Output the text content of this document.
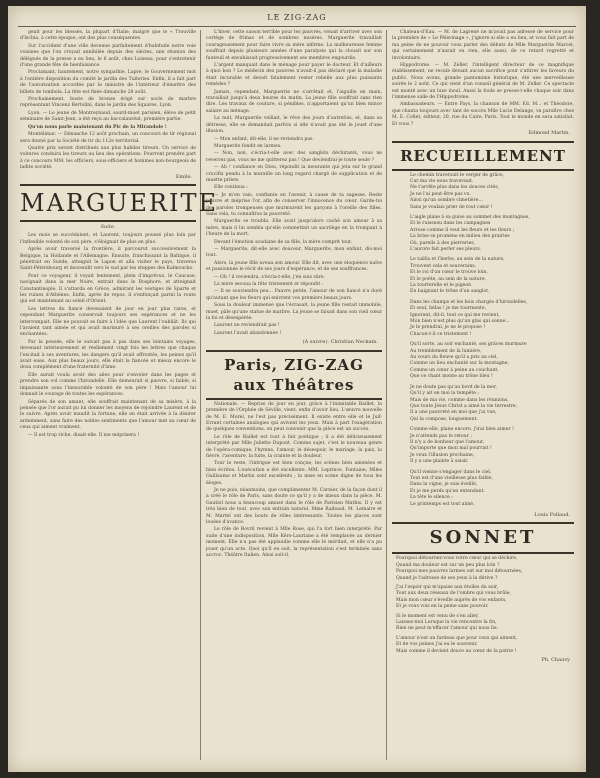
LE ZIG-ZAG

geait pour les blessés, la plupart d'Italie, malgré que le « Trouville d'Ischia, à cette époque, ont des plus conséquentes.

Sur l'accident d'une ville devenue parfaitement d'habitude notre voie voisines que l'on croyait annihilée depuis des siècles, une réunion des délégués de la presse a eu lieu, le 6 août, chez Loiseau, pour s'entretenir d'une grande fête de bienfaisance.

Proclamant, hautement, notre sympathie, Lapre, le Gouvernement mot à l'entière disposition du comité le jardin des Tuileries. Enfin, il a fait part de l'autorisation accordée par le ministre de l'intérieur d'émettre des billets de tombola. La tête est fixée dimanche 28 août.

Prochainement, buste de bronze érigé sur socle de marbre représentant Vincenz Bertolini, dans le jardin des Squares. Lyon.

Lyon. — Le jeune de Montreynaud, sourd-muet parisien, élève de petit séminaire de Saint-Jean, a été reçu au baccalauréat, première partie.

Qu'on nous parle maintenant du Pic de la Mirandole !

Montélimar. — Dimanche 12 août prochain, un concours de tir régional sera donné par la Société de tir du 112e territorial.

Quatre prix seront distribués aux plus habiles tireurs. Un service de voitures conduira les tireurs au lieu des opérations. Pourront prendre part à ce concours MM. les officiers, sous-officiers et hommes non-bourgeois de ladite société.

Emile.
MARGUERITE
Suite.

Les mois se succédaient, et Laurent, toujours poussé plus loin par l'inflexible volonté de son père, s'éloignait de plus en plus.

Après avoir traversé la frontière, il parcourut successivement la Belgique, la Hollande et l'Allemagne. Ensuite, franchissant la Baltique, il pénétrait en Suède, atteignit le Lapon et alla visiter le pays, traversa Saint-Pétersbourg et descendit vers le sud par les steppes des Kalmoucks.

Pour ce voyageur, il voyait lentement, plein d'imprévus, le Caucase, naviguait dans la mer Noire, entrait dans le Bosphore, et atteignait Constantinople. Il s'attarda en Grèce, admirant les vestiges de Sparte et les ruines d'Athènes. Enfin, après de repos, il s'enfonçait parmi la route qui est maintenant au soleil d'Orient.

Les lettres du fiancé devenaient de jour en jour plus rares, et cependant Marguerite conservait toujours ses espérances et ne les interrompait. Elle ne pouvait se faire à l'idée que Laurent l'oubliât. Ils qui l'avaient tant aimée et qui avait murmuré à ses oreilles des paroles si enchantées.

Par la pensée, elle le suivait pas à pas dans ses lointains voyages, devenant intérieurement et réellement vingt fois les lettres que chaque l'excitait à ses aventures, les dangers qu'il avait affrontés, les peines qu'il avait eues. Aux plus beaux jours, elle était la fiancée et mieux encore le doux complément d'une fraternité d'âme.

Elle aurait voulu avoir des ailes pour s'envoler dans les pages et prendre son vol comme l'hirondelle. Elle demeurait si pauvre, si faible, si impuissante sous l'inexorable volonté de son père ! Mais l'amour lui donnait le courage de toutes les espérances.

Séparés de son amant, elle souffrait maintenant de sa misère, à la pensée que l'or aurait pu lui donner les moyens de rejoindre Laurent et de le suivre. Après avoir maudit la fortune, elle en était arrivée à la désirer ardemment, sans faire des nobles sentiments que l'amour met au cœur de ceux qui aiment vraiment.

— Il est trop riche, disait-elle. Il me méprisera !

L'hiver, cette saison terrible pour les pauvres, venait d'arriver avec son cortège de frimas et de sombres misères. Marguerite travaillait courageusement pour faire vivre sa mère infirme. La malheureuse femme souffrait depuis plusieurs années d'une paralysie qui la clouait sur son fauteuil et envahissait progressivement ses membres engourdis.

L'argent manquait dans le ménage pour payer le docteur. Et d'ailleurs à quoi bon ? Le médecin des pauvres n'avait-il pas déclaré que la maladie était incurable et devait fatalement rester rebelle aux plus puissants remèdes ?

Jamais, cependant, Marguerite ne s'arrêtait et, l'aiguille en main, travaillait jusqu'à deux heures du matin. La jeune fille souffrait sans rien dire. Les travaux de couture, si pénibles, n'apportaient qu'un bien mince salaire au ménage.

La nuit, Marguerite veillait, le rêve des jours d'autrefois, et, dans sa détresse, elle se demandait parfois si elle n'avait pas été le jouet d'une illusion.

— Mon enfant, dit-elle, il ne reviendra pas.

Marguerite fondit en larmes.

— Non, non, s'écria-t-elle avec des sanglots déchirants, vous ne reverrez pas, vous ne me quitterez pas ! Que deviendrai-je toute seule ?

— Ah ! confiance en Dieu, répondit la mourante qui jeta sur le grand crucifix pendu à la muraille un long regard chargé de supplication et de muette prière.

Elle continua :

— Je m'en vais, confiante en l'avenir, à cause de ta sagesse. Reste pauvre et méprise l'or, afin de conserver l'innocence du cœur. Garde-toi des paroles trompeuses que murmurent les garçons à l'oreille des filles. Sans cela, tu connaîtras la pauvreté.

Marguerite se troubla. Elle avait jusqu'alors caché son amour à sa mère, mais il lui sembla qu'elle commettait un sacrilège en la trompant à l'heure de la mort.

Devant l'émotion soudaine de sa fille, la mère comprit tout.

— Marguerite, dit-elle avec douceur, Marguerite, mon enfant, dis-moi tout.

Alors, la jeune fille avoua son amour. Elle dit, avec une éloquence naïve et passionnée le récit de ses jours d'espérance, et de ses souffrances.

— Oh ! il reviendra, s'écria-t-elle, j'en suis sûre.

La mère secoua la tête tristement et répondit :

— Il se souviendra peu... Pauvre petite, l'amour de son fiancé n'a duré qu'autant que les fleurs qui enivrent vos premiers beaux jours.

Sous la douleur immense que l'écrasait, la jeune fille restait immobile, muet, pâle qu'une statue de marbre. La jeune se faisait dans son vieil cœur la foi et désespérée.

Laurent ne reviendrait pas !

Laurent l'avait abandonnée !

(A suivre). Christian Neckam.
Paris, ZIG-ZAG aux Théâtres

Nationale. — Reprise de jour en jour, grâce à l'inimitable Baillet, la première de l'Orphée de Séville, vient, enfin d'avoir lieu. L'œuvre nouvelle de M. E. Morel, ne l'est pas précisément. Il existe entre elle et le Juif-Errant certaines analogies qui avivent les yeux. Mais à part l'exagération de quelques conventions, on peut convenir que la pièce est un succès.

Le rôle de Baillet est tout à fait poétique ; il a été délicieusement interprété par Mlle Juliette Dupont. Comme sujet, c'est le nouveau genre de l'opéra-comique, l'hymne, l'amour, le désespoir, le mariage, la paix, la fièvre, l'aventure, la fuite, la crainte et la douleur.

Tour le reste, l'intrigue est bien conçue, les scènes bien amenées et bien écrites. L'exécution a été excellente. MM. Leprince, Fontaine, Mlles Guillaume et Martin sont excellents ; la mise en scène digne de tous les éloges.

Je ne puis, néanmoins, que complimenter M. Carnier, de la façon dont il a créé le rôle de Paris, sans doute ce qu'il y a de mieux dans la pièce. M. Gautiol nous a beaucoup amusé dans le rôle de Parisien Mathis. Il y est très bien de tout, avec son entrain naturel. Mme Raibaud, M. Lemaire et M. Martel ont des bouts de rôles intéressants. Toutes les places sont louées d'avance.

Le rôle de Bovril revient à Mlle Rose, qui l'a fort bien interprété. Par suite d'une indisposition, Mlle Kéro-Lauriane a été remplacée au dernier moment. Elle n'a pas été applaudie comme elle le méritait, et elle n'a pu jouer qu'un acte. Quoi qu'il en soit, la représentation s'est terminée sans accroc. Théâtre Italien. Ainsi soit-il.

Chateau-d'Eau. — M. de Lagrené ne m'avait pas adressé de service pour la première de « Le Pèlerinage », j'ignore si elle a eu lieu, et vous fait part de ma peine de ne pouvoir vous parler des débuts de Mlle Marguerite Marcel, qui certainement n'aurait eu rien, elle aussi, de ce retard regretté et involontaire.

Hippodrome. — M. Zeller, l'intelligent directeur de ce magnifique établissement, ne recule devant aucun sacrifice pour s'attirer les faveurs du public. Nous avons, grande pantomime historique, été une merveilleuse soirée le 2 août. Ce qui vient d'un conseil général de M. Zeller. Ce spectacle est monté avec un luxe inouï. Aussi la foule se presse-t-elle chaque soir dans l'immense salle de l'Hippodrome.

Ambassadeurs. — Entre Pays, la chanson de MM. Ed. M... et Théodore, que chanta toujours avec tant de succès Mlle Lucie Delange, va paraître chez M. E. Collet, éditeur, 20, rue du Caire, Paris. Tout le monde en sera satisfait. Et vous ?

Edmond Martin.
RECUEILLEMENT
Le chemin traversait le verger de grâce,
Car ma vie nous traversait.
Ne t'arrête plus dans les douces cités,
Je ne l'ai peut-être pas vu.
Ainsi qu'un sombre cimetière...
Sans je voulais prier de tout cœur !
L'aigle plane à sa guise au sommet des montagnes,
Et le ruisseau dans les campagnes
Arrose comme il veut les fleurs et les fleurs ;
La brise se promène en milieu des prairies
Où, pareils à des pierreries,
L'aurore fait perler ses pleurs.
Le taillis et l'herbe, au sein de la nature,
Trouvent cela et souverains,
Et le roi d'un cœur le trouve loin,
Et le poète, au sein de la nature,
La tourterelle et le pigeon
En baignant le trône d'un sanglot.
Dans les champs et les bois chargés d'hirondelles,
Et seul, hélas ! je me tourmente,
Ignorant, dit-il, tout ce qui me revient,
Mon bien n'est plus qu'un glas qui sonne...
Je le prendrai, je ne le propose !
Chacun-t-il ce tristement !
Qu'il sorte, au soir enchanté, ses grâces murmure
Au tremblement de la lumière,
Au cours du fleuve qu'il a pris au ciel,
Comme un lieu enchanté sur la montagne,
Comme un cœur à peine au couchant,
Que ce chant monte au trône bleu !
Je ne doute pas qu'au bord de la mer,
Qu'il y ait en moi la tempête ;
Mais de ma vie, comme dans les réunions,
Que toute Jésus Christ a aimé la vie terrestre,
Il a une pauvreté en moi que j'ai vue,
Qui la compose, longuement.
Comme elle, plane encore, j'irai bien aimer !
Je n'attends pas le retour ;
Il n'y a de bonheur que l'amour,
Qu'importe que mon mal pourrait !
Je veux l'illusion prochaine,
Il y a une plainte à saisir.
Qu'il vienne s'engager dans le ciel,
Tout est d'une vieillesse plus faible,
Dans la vigne, je suis éveillé,
Et je me perds qu'en entendant.
La tête le silence ;
Le printemps est tout aimé.
Louis Follaud.
SONNET
Pourquoi détournez-vous votre cœur qui se déchire,
Quand ma douleur est sur un peu plus loin ?
Pourquoi mes pauvres larmes ont sur moi détournées,
Quand je l'adresse de ses yeux à la dérive ?
J'ai l'espoir qui m'apaise aux étoiles du soir,
Tout aux deux réseaux de l'ombre qui vous brûle,
Mais mon cœur s'éveille auprès de vos enfants,
Et je vous vois en la peine sans pouvoir.
Si le moment est venu de s'en aller,
Laissez-moi Lorsque la vie rencontre la fin,
Rien ne peut m'effacer l'amour qui nous lie.
L'amour n'est un fardeau que pour ceux qui aiment,
Et de vos peines j'ai eu le souvenir,
Mais comme il devient douce au cœur de la patrie !
Ph. Chauvy
